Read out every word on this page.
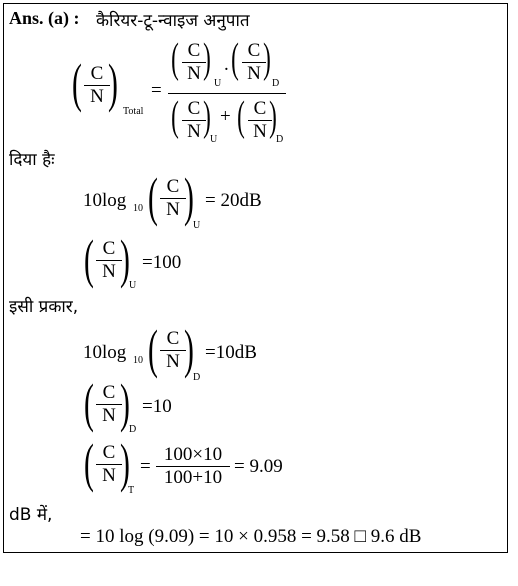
Ans. (a) : कैरियर-टू-न्वाइज अनुपात
( C
N ) Total
=
( C
N )
U
. ( C
N )
D
( C
N ) U
+ ( C
N ) D
दिया हैः
10log 10 ( C
N ) U
= 20dB
( C
N ) U
=100
इसी प्रकार,
10log 10 ( C
N ) D
=10dB
( C
N ) D
=10
( C
N )
T
=
100×10
100+10
= 9.09
dB में,
= 10 log (9.09) = 10 × 0.958 = 9.58 □ 9.6 dB
